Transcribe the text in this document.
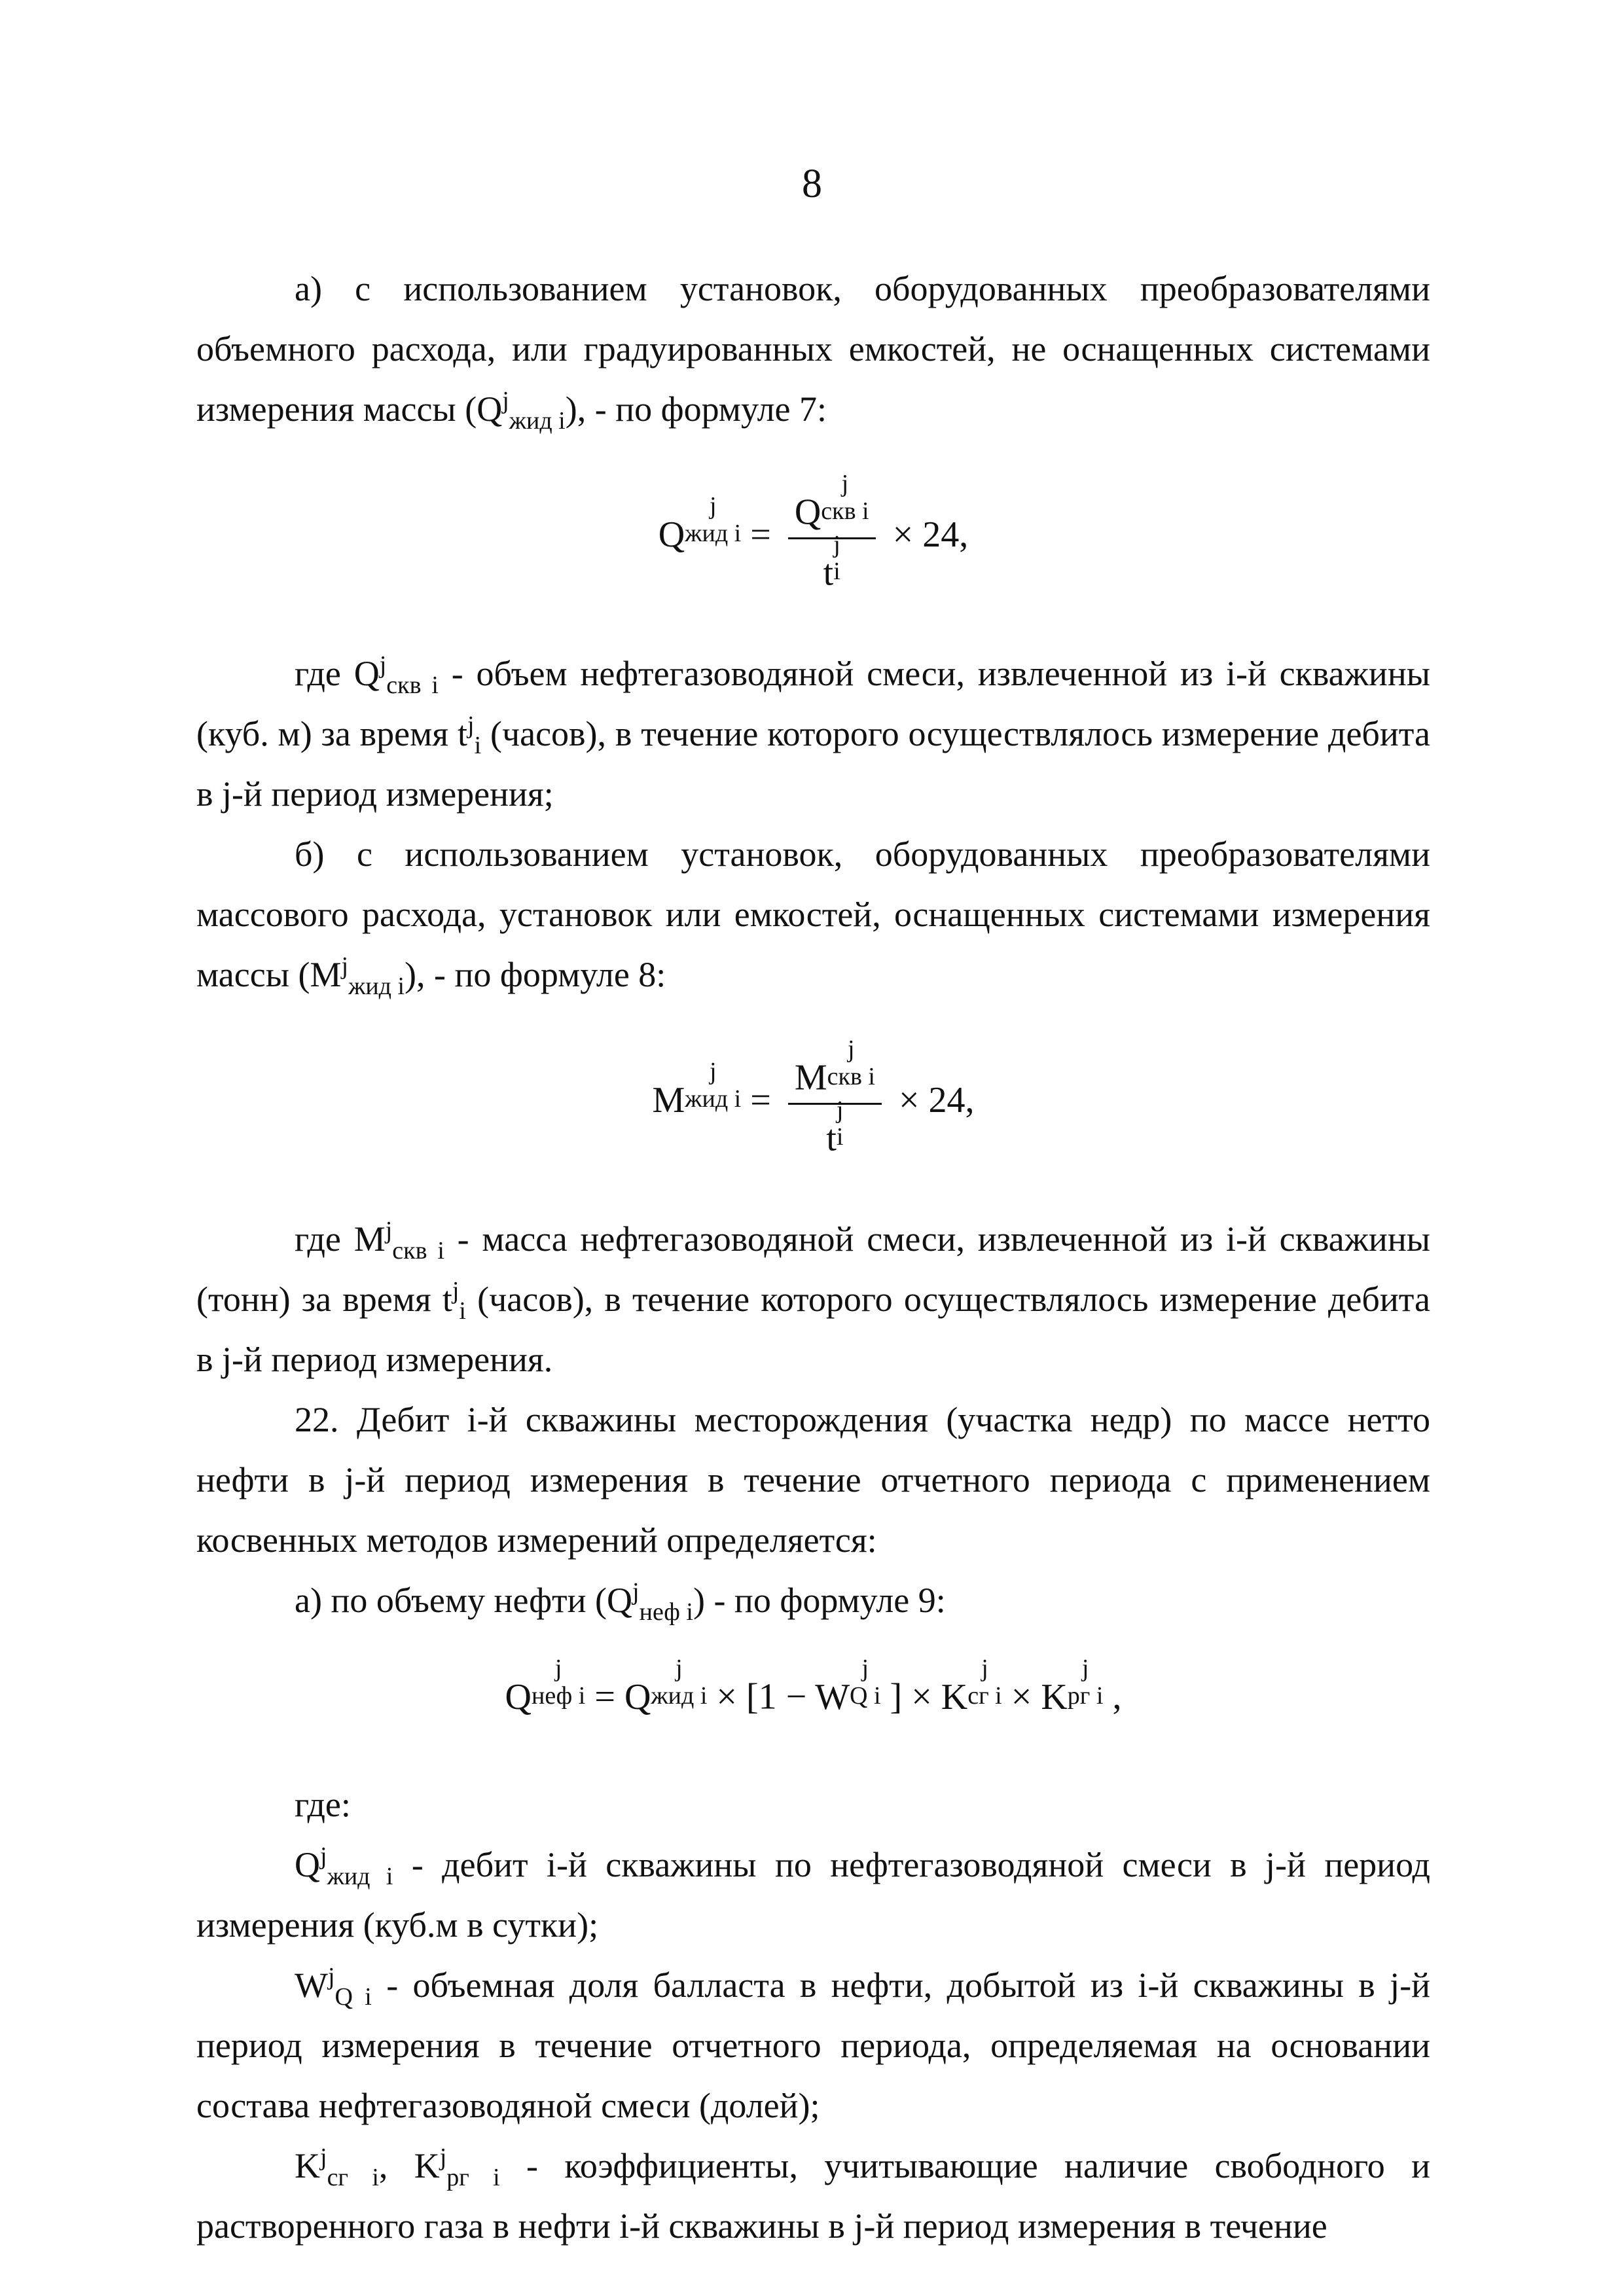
8

а) с использованием установок, оборудованных преобразователями объемного расхода, или градуированных емкостей, не оснащенных системами измерения массы $(Q^j_{жид i})$, - по формуле 7:

Q
j
жид i = Q
j
скв i
t
j
i × 24,

где $Q^j_{скв i}$ - объем нефтегазоводяной смеси, извлеченной из i-й скважины (куб. м) за время $t^j_i$ (часов), в течение которого осуществлялось измерение дебита в j-й период измерения;

б) с использованием установок, оборудованных преобразователями массового расхода, установок или емкостей, оснащенных системами измерения массы $(M^j_{жид i})$, - по формуле 8:

M
j
жид i = M
j
скв i
t
j
i × 24,

где $M^j_{скв i}$ - масса нефтегазоводяной смеси, извлеченной из i-й скважины (тонн) за время $t^j_i$ (часов), в течение которого осуществлялось измерение дебита в j-й период измерения.

22. Дебит i-й скважины месторождения (участка недр) по массе нетто нефти в j-й период измерения в течение отчетного периода с применением косвенных методов измерений определяется:

а) по объему нефти $(Q^j_{неф i})$ - по формуле 9:

Q
j
неф i = Q
j
жид i × [1 − W
j
Q i ] × K
j
сг i × K
j
рг i ,

где:

$Q^j_{жид i}$ - дебит i-й скважины по нефтегазоводяной смеси в j-й период измерения (куб.м в сутки);

$W^j_{Q i}$ - объемная доля балласта в нефти, добытой из i-й скважины в j-й период измерения в течение отчетного периода, определяемая на основании состава нефтегазоводяной смеси (долей);

$K^j_{сг i}$, $K^j_{рг i}$ - коэффициенты, учитывающие наличие свободного и растворенного газа в нефти i-й скважины в j-й период измерения в течение
